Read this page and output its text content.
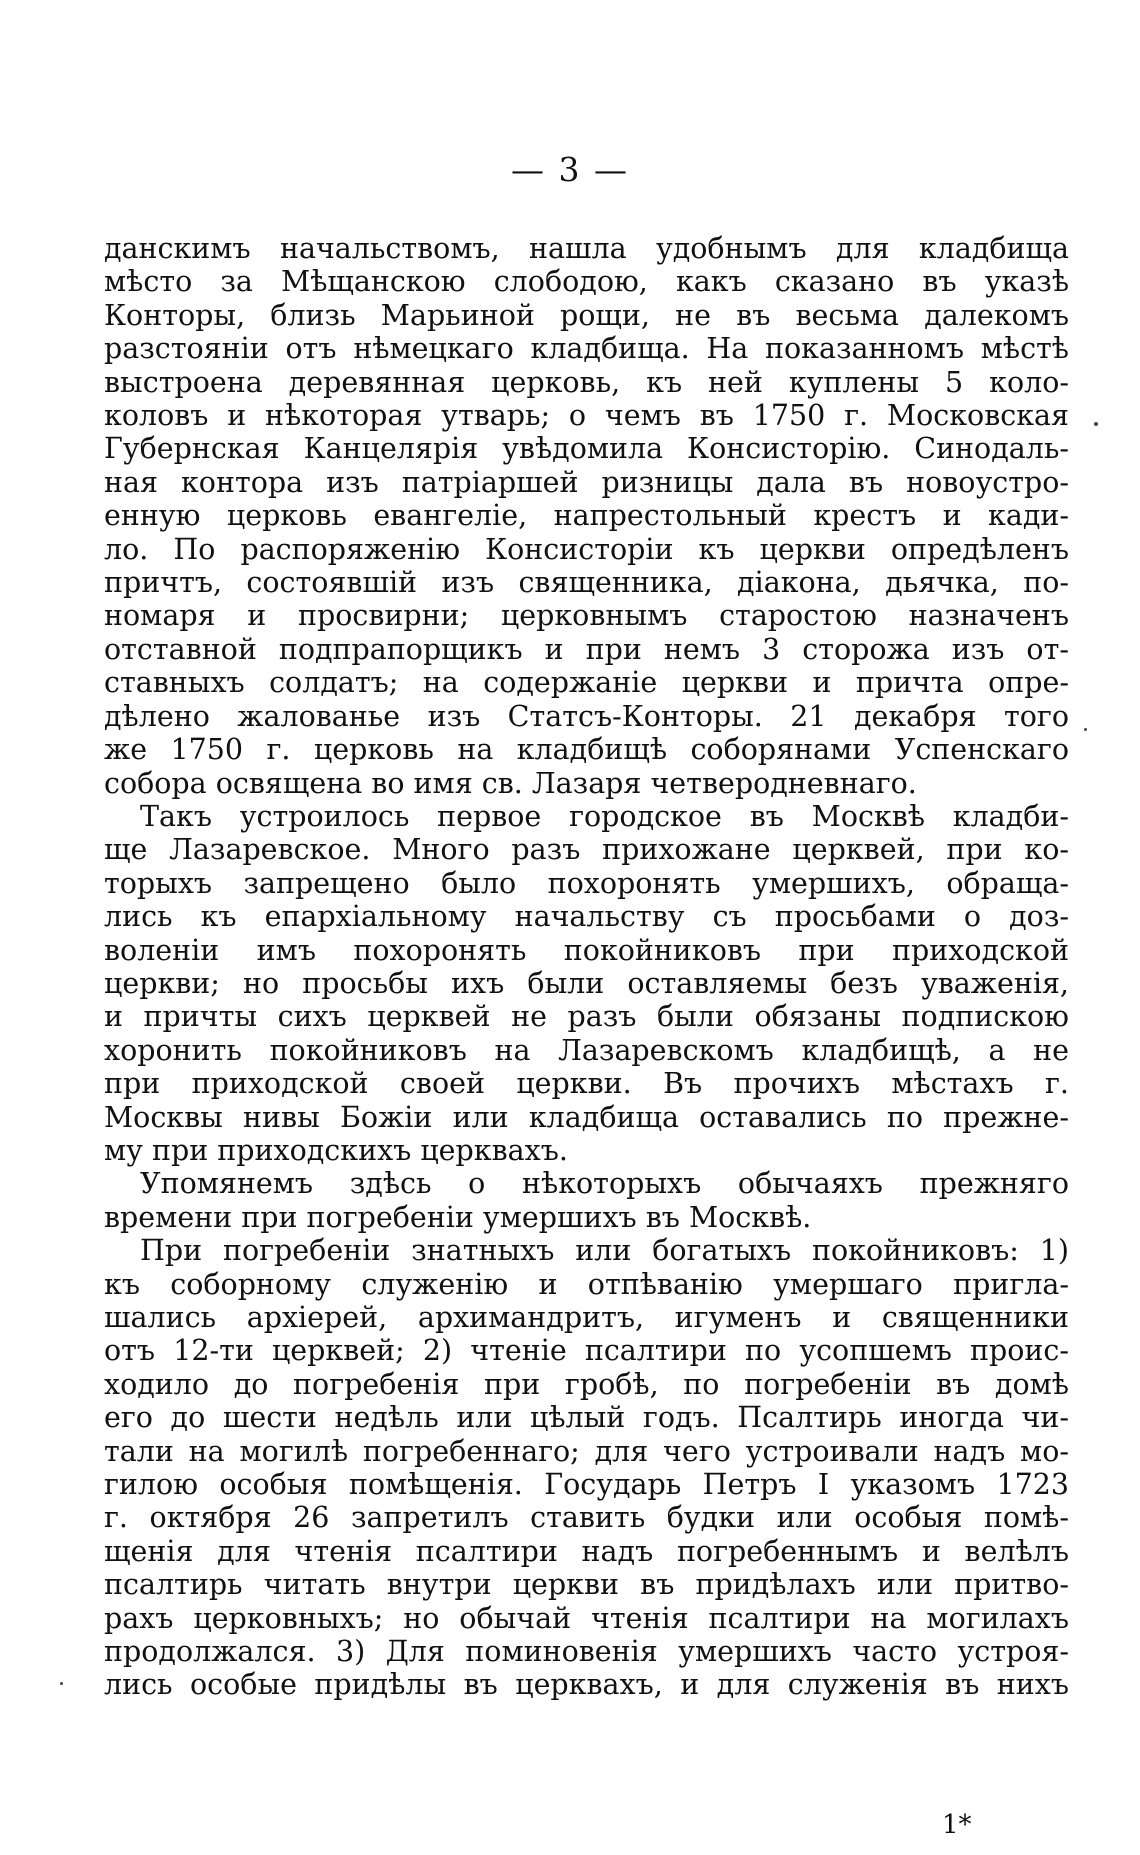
— 3 —
данскимъ начальствомъ, нашла удобнымъ для кладбища
мѣсто за Мѣщанскою слободою, какъ сказано въ указѣ
Конторы, близь Марьиной рощи, не въ весьма далекомъ
разстояніи отъ нѣмецкаго кладбища. На показанномъ мѣстѣ
выстроена деревянная церковь, къ ней куплены 5 коло-
коловъ и нѣкоторая утварь; о чемъ въ 1750 г. Московская
Губернская Канцелярія увѣдомила Консисторію. Синодаль-
ная контора изъ патріаршей ризницы дала въ новоустро-
енную церковь евангеліе, напрестольный крестъ и кади-
ло. По распоряженію Консисторіи къ церкви опредѣленъ
причтъ, состоявшій изъ священника, діакона, дьячка, по-
номаря и просвирни; церковнымъ старостою назначенъ
отставной подпрапорщикъ и при немъ 3 сторожа изъ от-
ставныхъ солдатъ; на содержаніе церкви и причта опре-
дѣлено жалованье изъ Статсъ-Конторы. 21 декабря того
же 1750 г. церковь на кладбищѣ соборянами Успенскаго
собора освящена во имя св. Лазаря четверодневнаго.
Такъ устроилось первое городское въ Москвѣ кладби-
ще Лазаревское. Много разъ прихожане церквей, при ко-
торыхъ запрещено было похоронять умершихъ, обраща-
лись къ епархіальному начальству съ просьбами о доз-
воленіи имъ похоронять покойниковъ при приходской
церкви; но просьбы ихъ были оставляемы безъ уваженія,
и причты сихъ церквей не разъ были обязаны подпискою
хоронить покойниковъ на Лазаревскомъ кладбищѣ, а не
при приходской своей церкви. Въ прочихъ мѣстахъ г.
Москвы нивы Божіи или кладбища оставались по прежне-
му при приходскихъ церквахъ.
Упомянемъ здѣсь о нѣкоторыхъ обычаяхъ прежняго
времени при погребеніи умершихъ въ Москвѣ.
При погребеніи знатныхъ или богатыхъ покойниковъ: 1)
къ соборному служенію и отпѣванію умершаго пригла-
шались архіерей, архимандритъ, игуменъ и священники
отъ 12-ти церквей; 2) чтеніе псалтири по усопшемъ проис-
ходило до погребенія при гробѣ, по погребеніи въ домѣ
его до шести недѣль или цѣлый годъ. Псалтирь иногда чи-
тали на могилѣ погребеннаго; для чего устроивали надъ мо-
гилою особыя помѣщенія. Государь Петръ I указомъ 1723
г. октября 26 запретилъ ставить будки или особыя помѣ-
щенія для чтенія псалтири надъ погребеннымъ и велѣлъ
псалтирь читать внутри церкви въ придѣлахъ или притво-
рахъ церковныхъ; но обычай чтенія псалтири на могилахъ
продолжался. 3) Для поминовенія умершихъ часто устроя-
лись особые придѣлы въ церквахъ, и для служенія въ нихъ
1*
